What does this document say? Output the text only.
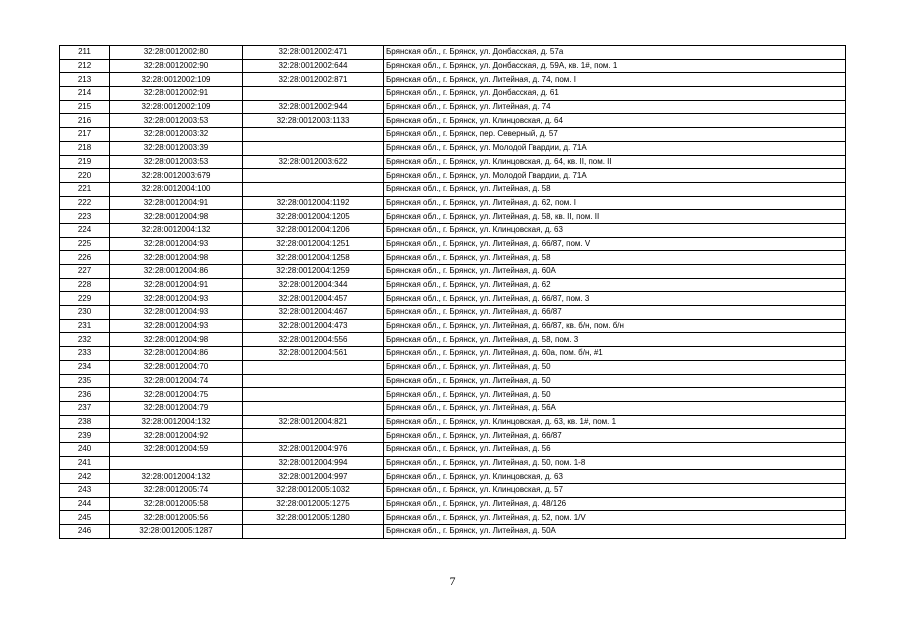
211	32:28:0012002:80	32:28:0012002:471	Брянская обл., г. Брянск, ул. Донбасская, д. 57а
212	32:28:0012002:90	32:28:0012002:644	Брянская обл., г. Брянск, ул. Донбасская, д. 59А, кв. 1#, пом. 1
213	32:28:0012002:109	32:28:0012002:871	Брянская обл., г. Брянск, ул. Литейная, д. 74, пом. I
214	32:28:0012002:91		Брянская обл., г. Брянск, ул. Донбасская, д. 61
215	32:28:0012002:109	32:28:0012002:944	Брянская обл., г. Брянск, ул. Литейная, д. 74
216	32:28:0012003:53	32:28:0012003:1133	Брянская обл., г. Брянск, ул. Клинцовская, д. 64
217	32:28:0012003:32		Брянская обл., г. Брянск, пер. Северный, д. 57
218	32:28:0012003:39		Брянская обл., г. Брянск, ул. Молодой Гвардии, д. 71А
219	32:28:0012003:53	32:28:0012003:622	Брянская обл., г. Брянск, ул. Клинцовская, д. 64, кв. II, пом. II
220	32:28:0012003:679		Брянская обл., г. Брянск, ул. Молодой Гвардии, д. 71А
221	32:28:0012004:100		Брянская обл., г. Брянск, ул. Литейная, д. 58
222	32:28:0012004:91	32:28:0012004:1192	Брянская обл., г. Брянск, ул. Литейная, д. 62, пом. I
223	32:28:0012004:98	32:28:0012004:1205	Брянская обл., г. Брянск, ул. Литейная, д. 58, кв. II, пом. II
224	32:28:0012004:132	32:28:0012004:1206	Брянская обл., г. Брянск, ул. Клинцовская, д. 63
225	32:28:0012004:93	32:28:0012004:1251	Брянская обл., г. Брянск, ул. Литейная, д. 66/87, пом. V
226	32:28:0012004:98	32:28:0012004:1258	Брянская обл., г. Брянск, ул. Литейная, д. 58
227	32:28:0012004:86	32:28:0012004:1259	Брянская обл., г. Брянск, ул. Литейная, д. 60А
228	32:28:0012004:91	32:28:0012004:344	Брянская обл., г. Брянск, ул. Литейная, д. 62
229	32:28:0012004:93	32:28:0012004:457	Брянская обл., г. Брянск, ул. Литейная, д. 66/87, пом. 3
230	32:28:0012004:93	32:28:0012004:467	Брянская обл., г. Брянск, ул. Литейная, д. 66/87
231	32:28:0012004:93	32:28:0012004:473	Брянская обл., г. Брянск, ул. Литейная, д. 66/87, кв. б/н, пом. б/н
232	32:28:0012004:98	32:28:0012004:556	Брянская обл., г. Брянск, ул. Литейная, д. 58, пом. 3
233	32:28:0012004:86	32:28:0012004:561	Брянская обл., г. Брянск, ул. Литейная, д. 60а, пом. б/н, #1
234	32:28:0012004:70		Брянская обл., г. Брянск, ул. Литейная, д. 50
235	32:28:0012004:74		Брянская обл., г. Брянск, ул. Литейная, д. 50
236	32:28:0012004:75		Брянская обл., г. Брянск, ул. Литейная, д. 50
237	32:28:0012004:79		Брянская обл., г. Брянск, ул. Литейная, д. 56А
238	32:28:0012004:132	32:28:0012004:821	Брянская обл., г. Брянск, ул. Клинцовская, д. 63, кв. 1#, пом. 1
239	32:28:0012004:92		Брянская обл., г. Брянск, ул. Литейная, д. 66/87
240	32:28:0012004:59	32:28:0012004:976	Брянская обл., г. Брянск, ул. Литейная, д. 56
241		32:28:0012004:994	Брянская обл., г. Брянск, ул. Литейная, д. 50, пом. 1-8
242	32:28:0012004:132	32:28:0012004:997	Брянская обл., г. Брянск, ул. Клинцовская, д. 63
243	32:28:0012005:74	32:28:0012005:1032	Брянская обл., г. Брянск, ул. Клинцовская, д. 57
244	32:28:0012005:58	32:28:0012005:1275	Брянская обл., г. Брянск, ул. Литейная, д. 48/126
245	32:28:0012005:56	32:28:0012005:1280	Брянская обл., г. Брянск, ул. Литейная, д. 52, пом. 1/V
246	32:28:0012005:1287		Брянская обл., г. Брянск, ул. Литейная, д. 50А
7
